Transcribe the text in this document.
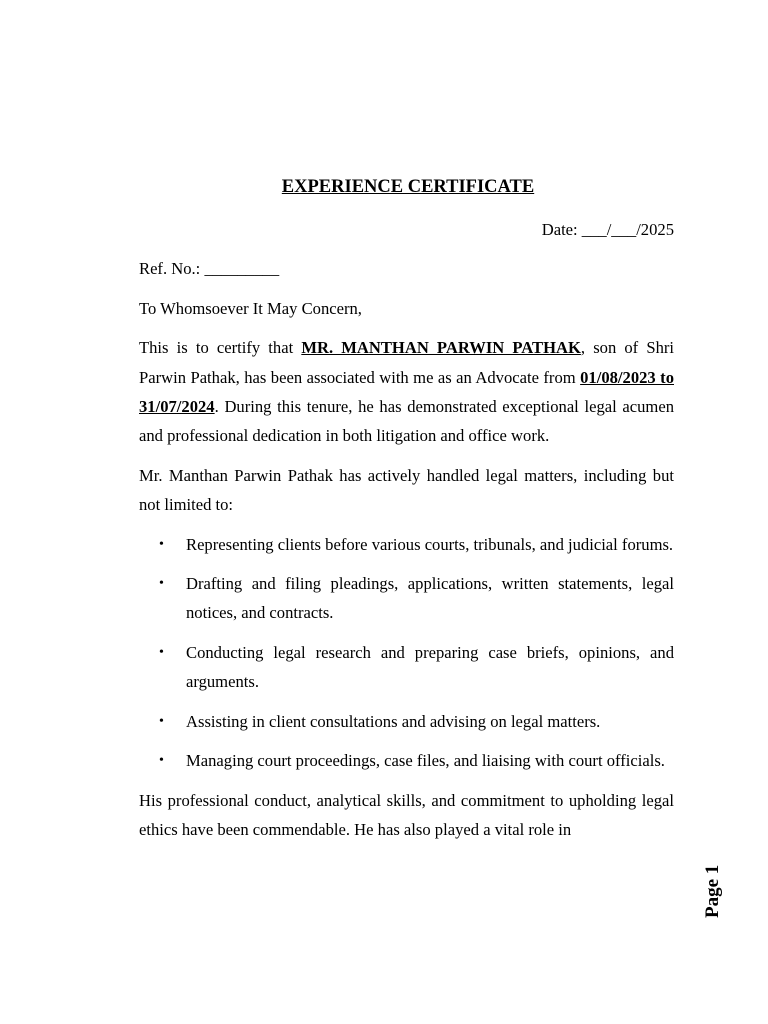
EXPERIENCE CERTIFICATE
Date: ___/___/2025
Ref. No.: _________
To Whomsoever It May Concern,
This is to certify that MR. MANTHAN PARWIN PATHAK, son of Shri Parwin Pathak, has been associated with me as an Advocate from 01/08/2023 to 31/07/2024. During this tenure, he has demonstrated exceptional legal acumen and professional dedication in both litigation and office work.
Mr. Manthan Parwin Pathak has actively handled legal matters, including but not limited to:
• Representing clients before various courts, tribunals, and judicial forums.
• Drafting and filing pleadings, applications, written statements, legal notices, and contracts.
• Conducting legal research and preparing case briefs, opinions, and arguments.
• Assisting in client consultations and advising on legal matters.
• Managing court proceedings, case files, and liaising with court officials.
His professional conduct, analytical skills, and commitment to upholding legal ethics have been commendable. He has also played a vital role in
Page 1
